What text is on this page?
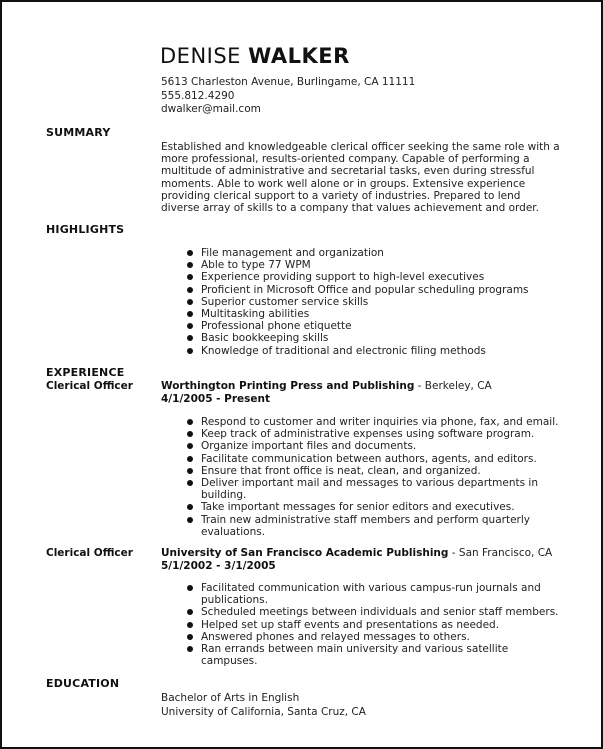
DENISE WALKER
5613 Charleston Avenue, Burlingame, CA 11111
555.812.4290
dwalker@mail.com
SUMMARY
Established and knowledgeable clerical officer seeking the same role with a more professional, results-oriented company. Capable of performing a multitude of administrative and secretarial tasks, even during stressful moments. Able to work well alone or in groups. Extensive experience providing clerical support to a variety of industries. Prepared to lend diverse array of skills to a company that values achievement and order.
HIGHLIGHTS
File management and organization
Able to type 77 WPM
Experience providing support to high-level executives
Proficient in Microsoft Office and popular scheduling programs
Superior customer service skills
Multitasking abilities
Professional phone etiquette
Basic bookkeeping skills
Knowledge of traditional and electronic filing methods
EXPERIENCE
Clerical Officer	Worthington Printing Press and Publishing - Berkeley, CA
4/1/2005 - Present
Respond to customer and writer inquiries via phone, fax, and email.
Keep track of administrative expenses using software program.
Organize important files and documents.
Facilitate communication between authors, agents, and editors.
Ensure that front office is neat, clean, and organized.
Deliver important mail and messages to various departments in building.
Take important messages for senior editors and executives.
Train new administrative staff members and perform quarterly evaluations.
Clerical Officer	University of San Francisco Academic Publishing - San Francisco, CA
5/1/2002 - 3/1/2005
Facilitated communication with various campus-run journals and publications.
Scheduled meetings between individuals and senior staff members.
Helped set up staff events and presentations as needed.
Answered phones and relayed messages to others.
Ran errands between main university and various satellite campuses.
EDUCATION
Bachelor of Arts in English
University of California, Santa Cruz, CA
